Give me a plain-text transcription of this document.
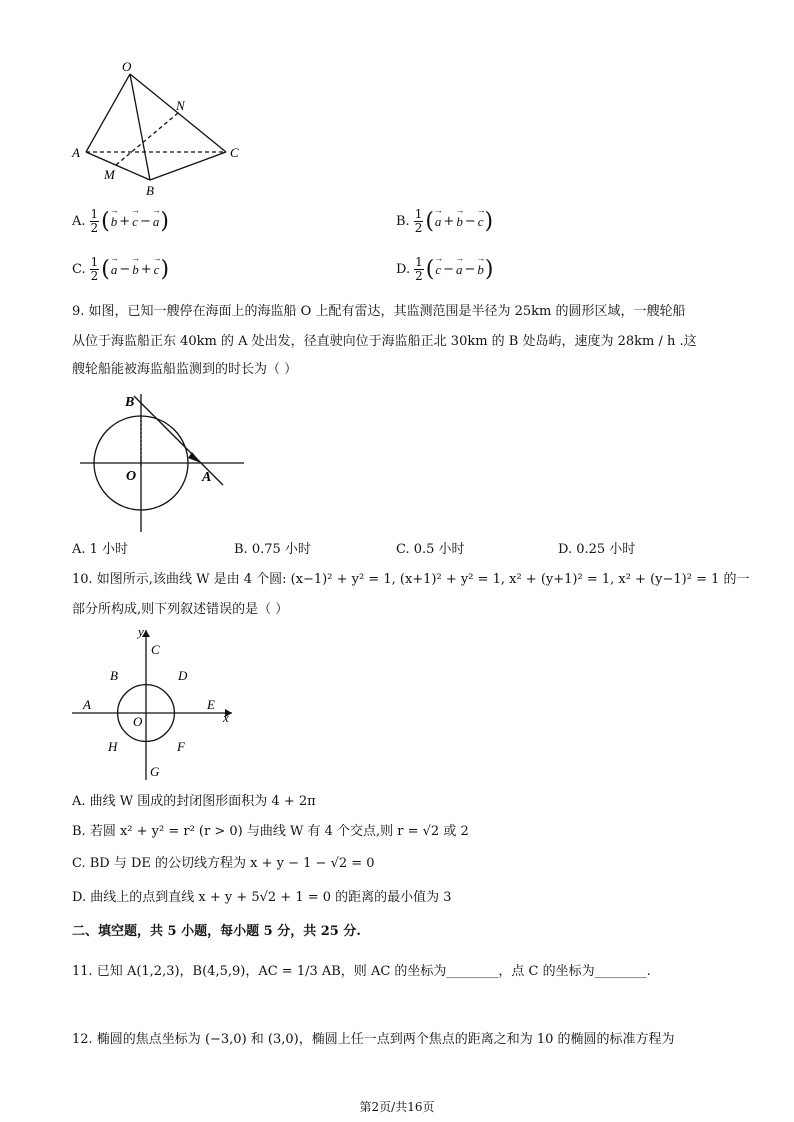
O
N
A	C
M
B
A. $\frac{1}{2}$ ( → b + → c − → a )	B. $\frac{1}{2}$ ( → a + → b − → c )
C. $\frac{1}{2}$ ( → a − → b + → c )	D. $\frac{1}{2}$ ( → c − → a − → b )
9. 如图，已知一艘停在海面上的海监船 O 上配有雷达，其监测范围是半径为 25km 的圆形区域，一艘轮船
从位于海监船正东 40km 的 A 处出发，径直驶向位于海监船正北 30km 的 B 处岛屿，速度为 28km / h .这
艘轮船能被海监船监测到的时长为（ ）
B
O	A
A. 1 小时	B. 0.75 小时	C. 0.5 小时	D. 0.25 小时
10. 如图所示,该曲线 W 是由 4 个圆: (x−1)² + y² = 1, (x+1)² + y² = 1, x² + (y+1)² = 1, x² + (y−1)² = 1 的一
部分所构成,则下列叙述错误的是（ ）
y
x
C
B	D
A	E
O
H	F
G
A. 曲线 W 围成的封闭图形面积为 4 + 2π
B. 若圆 x² + y² = r² (r > 0) 与曲线 W 有 4 个交点,则 r = √2 或 2
C. BD 与 DE 的公切线方程为 x + y − 1 − √2 = 0
D. 曲线上的点到直线 x + y + 5√2 + 1 = 0 的距离的最小值为 3
二、填空题，共 5 小题，每小题 5 分，共 25 分.
11. 已知 A(1,2,3)，B(4,5,9)，AC = 1/3 AB，则 AC 的坐标为________，点 C 的坐标为________.
12. 椭圆的焦点坐标为 (−3,0) 和 (3,0)，椭圆上任一点到两个焦点的距离之和为 10 的椭圆的标准方程为
第2页/共16页
